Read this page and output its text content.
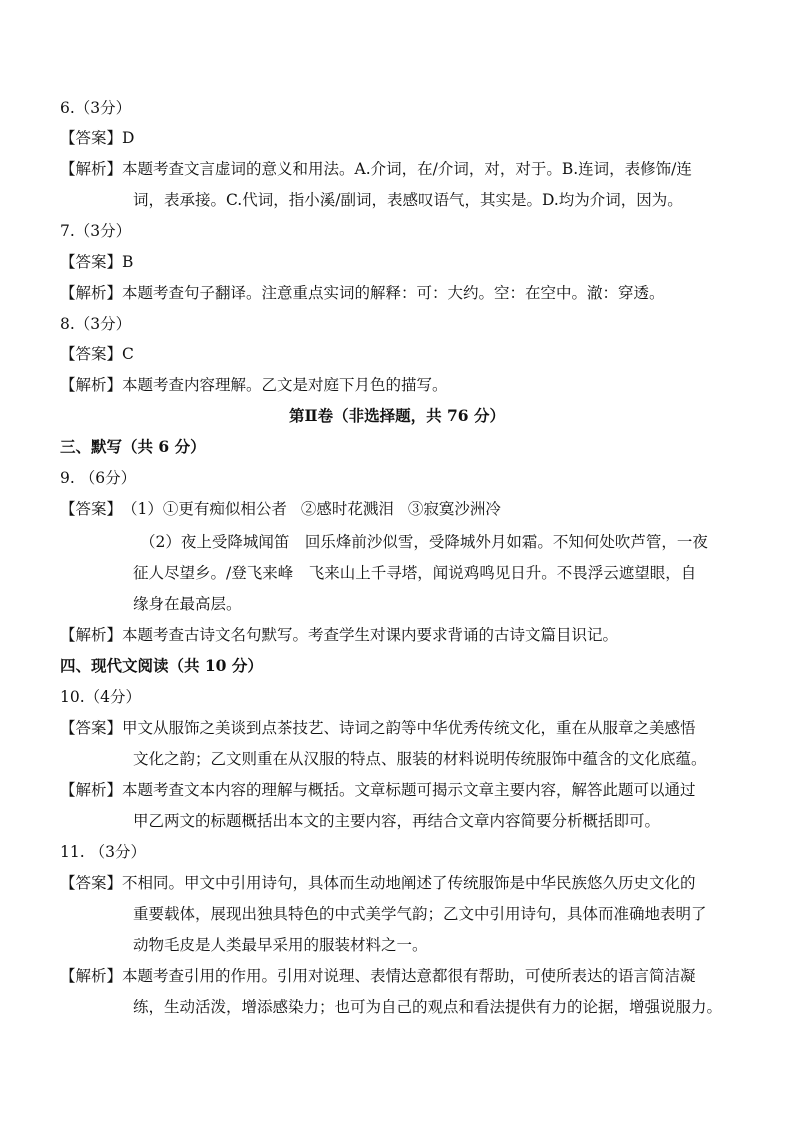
6.（3分）
【答案】D
【解析】本题考查文言虚词的意义和用法。A.介词，在/介词，对，对于。B.连词，表修饰/连
词，表承接。C.代词，指小溪/副词，表感叹语气，其实是。D.均为介词，因为。
7.（3分）
【答案】B
【解析】本题考查句子翻译。注意重点实词的解释：可：大约。空：在空中。澈：穿透。
8.（3分）
【答案】C
【解析】本题考查内容理解。乙文是对庭下月色的描写。
第Ⅱ卷（非选择题，共 76 分）
三、默写（共 6 分）
9. （6分）
【答案】（1）①更有痴似相公者 ②感时花溅泪 ③寂寞沙洲冷
（2）夜上受降城闻笛　回乐烽前沙似雪，受降城外月如霜。不知何处吹芦管，一夜
征人尽望乡。/登飞来峰　飞来山上千寻塔，闻说鸡鸣见日升。不畏浮云遮望眼，自
缘身在最高层。
【解析】本题考查古诗文名句默写。考查学生对课内要求背诵的古诗文篇目识记。
四、现代文阅读（共 10 分）
10.（4分）
【答案】甲文从服饰之美谈到点茶技艺、诗词之韵等中华优秀传统文化，重在从服章之美感悟
文化之韵；乙文则重在从汉服的特点、服装的材料说明传统服饰中蕴含的文化底蕴。
【解析】本题考查文本内容的理解与概括。文章标题可揭示文章主要内容，解答此题可以通过
甲乙两文的标题概括出本文的主要内容，再结合文章内容简要分析概括即可。
11. （3分）
【答案】不相同。甲文中引用诗句，具体而生动地阐述了传统服饰是中华民族悠久历史文化的
重要载体，展现出独具特色的中式美学气韵；乙文中引用诗句，具体而准确地表明了
动物毛皮是人类最早采用的服装材料之一。
【解析】本题考查引用的作用。引用对说理、表情达意都很有帮助，可使所表达的语言简洁凝
练，生动活泼，增添感染力；也可为自己的观点和看法提供有力的论据，增强说服力。
